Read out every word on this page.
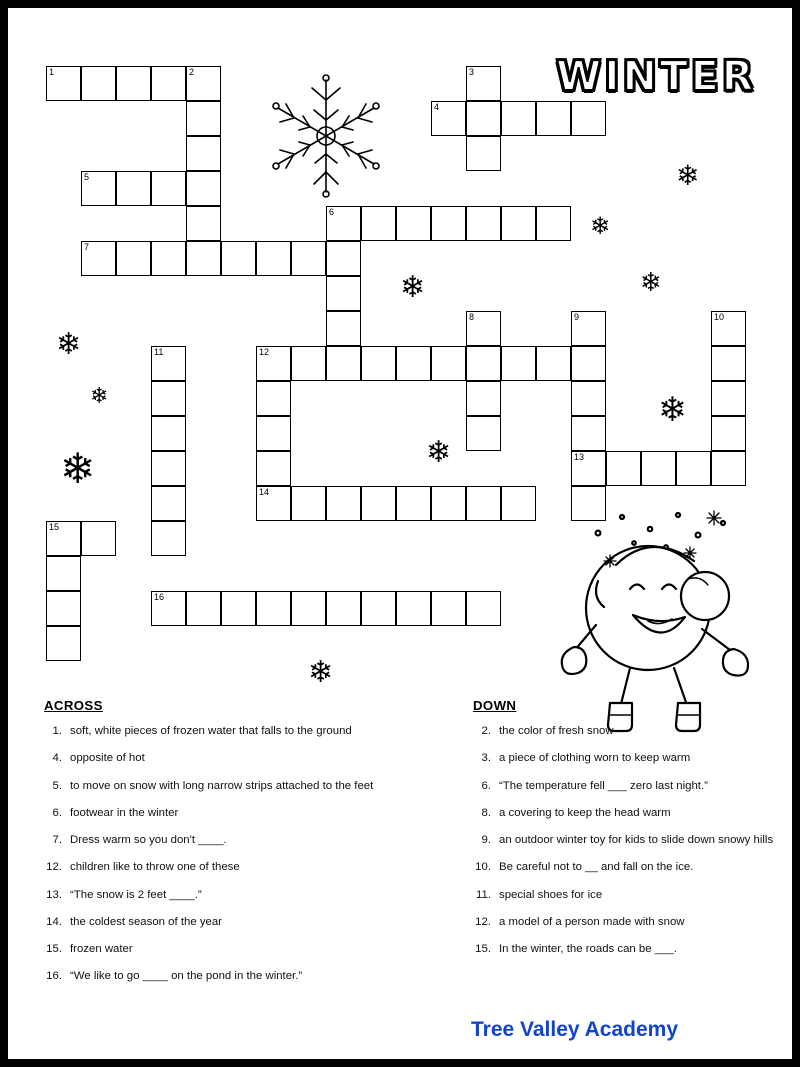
WINTER
1	2	3
4
5
6
7
8	9
13
10
11	12
14
15
16
❄
❄
❄	❄
❄
❄	❄
❄
❄
❄
ACROSS
1. soft, white pieces of frozen water that falls to the ground
4. opposite of hot
5. to move on snow with long narrow strips attached to the feet
6. footwear in the winter
7. Dress warm so you don't ____.
12. children like to throw one of these
13. “The snow is 2 feet ____.”
14. the coldest season of the year
15. frozen water
16. “We like to go ____ on the pond in the winter.”
DOWN
2. the color of fresh snow
3. a piece of clothing worn to keep warm
6. “The temperature fell ___ zero last night.”
8. a covering to keep the head warm
9. an outdoor winter toy for kids to slide down snowy hills
10. Be careful not to __ and fall on the ice.
11. special shoes for ice
12. a model of a person made with snow
15. In the winter, the roads can be ___.
Tree Valley Academy
